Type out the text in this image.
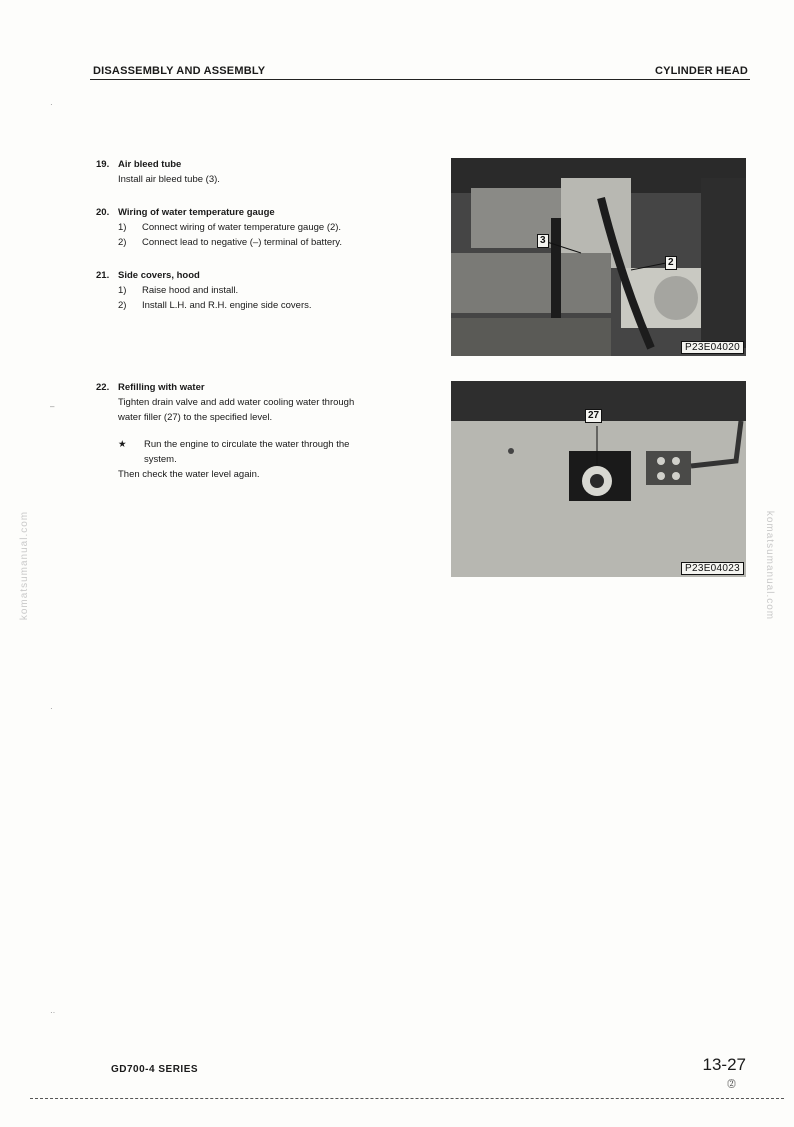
DISASSEMBLY AND ASSEMBLY	CYLINDER HEAD
·
–
·
··
19. Air bleed tube
Install air bleed tube (3).
20. Wiring of water temperature gauge
1)	Connect wiring of water temperature gauge (2).
2)	Connect lead to negative (–) terminal of battery.
21. Side covers, hood
1)	Raise hood and install.
2)	Install L.H. and R.H. engine side covers.
22. Refilling with water
Tighten drain valve and add water cooling water through
water filler (27) to the specified level.
★	Run the engine to circulate the water through the
system.
Then check the water level again.
3
2
P23E04020
27
P23E04023
komatsumanual.com	komatsumanual.com
GD700-4 SERIES	13-27
⓶
